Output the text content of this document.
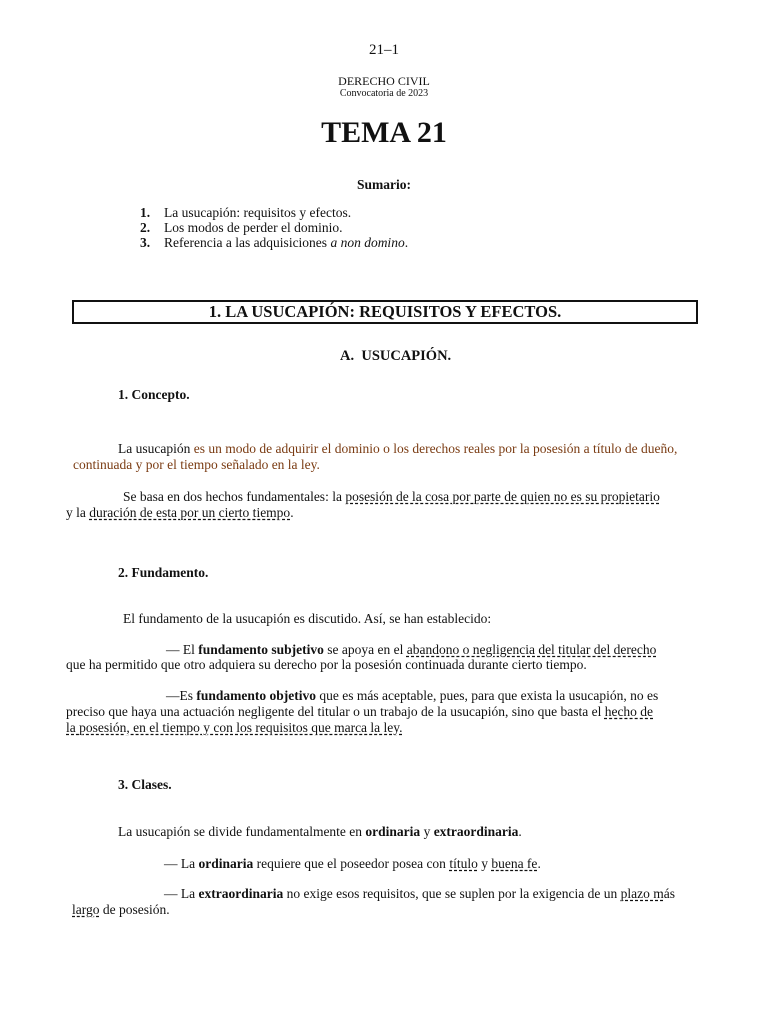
21–1
DERECHO CIVIL
Convocatoria de 2023
TEMA 21
Sumario:
1. La usucapión: requisitos y efectos.
2. Los modos de perder el dominio.
3. Referencia a las adquisiciones a non domino.
1. LA USUCAPIÓN: REQUISITOS Y EFECTOS.
A.  USUCAPIÓN.
1. Concepto.
La usucapión es un modo de adquirir el dominio o los derechos reales por la posesión a título de dueño,
continuada y por el tiempo señalado en la ley.
Se basa en dos hechos fundamentales: la posesión de la cosa por parte de quien no es su propietario
y la duración de esta por un cierto tiempo.
2. Fundamento.
El fundamento de la usucapión es discutido. Así, se han establecido:
— El fundamento subjetivo se apoya en el abandono o negligencia del titular del derecho
que ha permitido que otro adquiera su derecho por la posesión continuada durante cierto tiempo.
—Es fundamento objetivo que es más aceptable, pues, para que exista la usucapión, no es
preciso que haya una actuación negligente del titular o un trabajo de la usucapión, sino que basta el hecho de
la posesión, en el tiempo y con los requisitos que marca la ley.
3. Clases.
La usucapión se divide fundamentalmente en ordinaria y extraordinaria.
— La ordinaria requiere que el poseedor posea con título y buena fe.
— La extraordinaria no exige esos requisitos, que se suplen por la exigencia de un plazo más
largo de posesión.
